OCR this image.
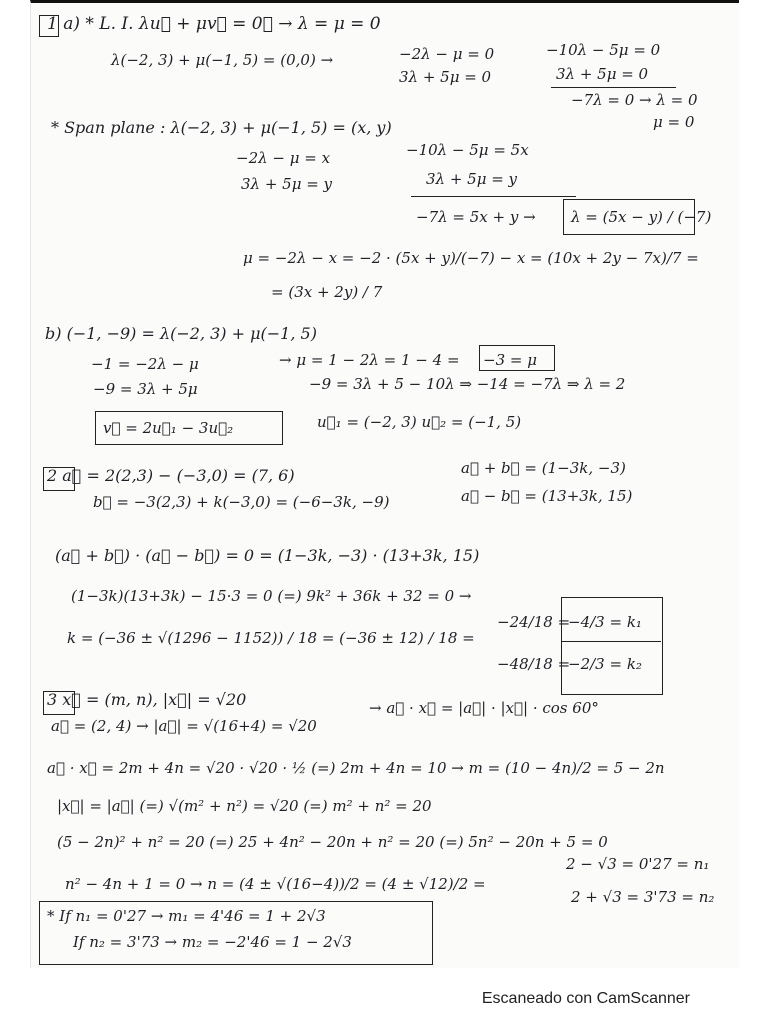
1 a) * L. I. λu⃗ + μv⃗ = 0⃗ → λ = μ = 0
λ(−2, 3) + μ(−1, 5) = (0,0) →	−2λ − μ = 0
3λ + 5μ = 0
−10λ − 5μ = 0
3λ + 5μ = 0
−7λ = 0 → λ = 0
μ = 0
* Span plane : λ(−2, 3) + μ(−1, 5) = (x, y)
−2λ − μ = x
3λ + 5μ = y
−10λ − 5μ = 5x
3λ + 5μ = y
−7λ = 5x + y → λ = (5x − y) / (−7)
μ = −2λ − x = −2 · (5x + y)/(−7) − x = (10x + 2y − 7x)/7 =
= (3x + 2y) / 7
b) (−1, −9) = λ(−2, 3) + μ(−1, 5)
−1 = −2λ − μ	→ μ = 1 − 2λ = 1 − 4 = −3 = μ
−9 = 3λ + 5μ	−9 = 3λ + 5 − 10λ ⇒ −14 = −7λ ⇒ λ = 2
v⃗ = 2u⃗₁ − 3u⃗₂	u⃗₁ = (−2, 3) u⃗₂ = (−1, 5)
2 a⃗ = 2(2,3) − (−3,0) = (7, 6)
b⃗ = −3(2,3) + k(−3,0) = (−6−3k, −9)
a⃗ + b⃗ = (1−3k, −3)
a⃗ − b⃗ = (13+3k, 15)
(a⃗ + b⃗) · (a⃗ − b⃗) = 0 = (1−3k, −3) · (13+3k, 15)
(1−3k)(13+3k) − 15·3 = 0 (=) 9k² + 36k + 32 = 0 →
k = (−36 ± √(1296 − 1152)) / 18 = (−36 ± 12) / 18 =
−24/18 =
−4/3 = k₁
−48/18 =
−2/3 = k₂
3 x⃗ = (m, n), |x⃗| = √20
a⃗ = (2, 4) → |a⃗| = √(16+4) = √20
→ a⃗ · x⃗ = |a⃗| · |x⃗| · cos 60°
a⃗ · x⃗ = 2m + 4n = √20 · √20 · ½ (=) 2m + 4n = 10 → m = (10 − 4n)/2 = 5 − 2n
|x⃗| = |a⃗| (=) √(m² + n²) = √20 (=) m² + n² = 20
(5 − 2n)² + n² = 20 (=) 25 + 4n² − 20n + n² = 20 (=) 5n² − 20n + 5 = 0
n² − 4n + 1 = 0 → n = (4 ± √(16−4))/2 = (4 ± √12)/2 =
2 − √3 = 0'27 = n₁
2 + √3 = 3'73 = n₂
* If n₁ = 0'27 → m₁ = 4'46 = 1 + 2√3
If n₂ = 3'73 → m₂ = −2'46 = 1 − 2√3
Escaneado con CamScanner
